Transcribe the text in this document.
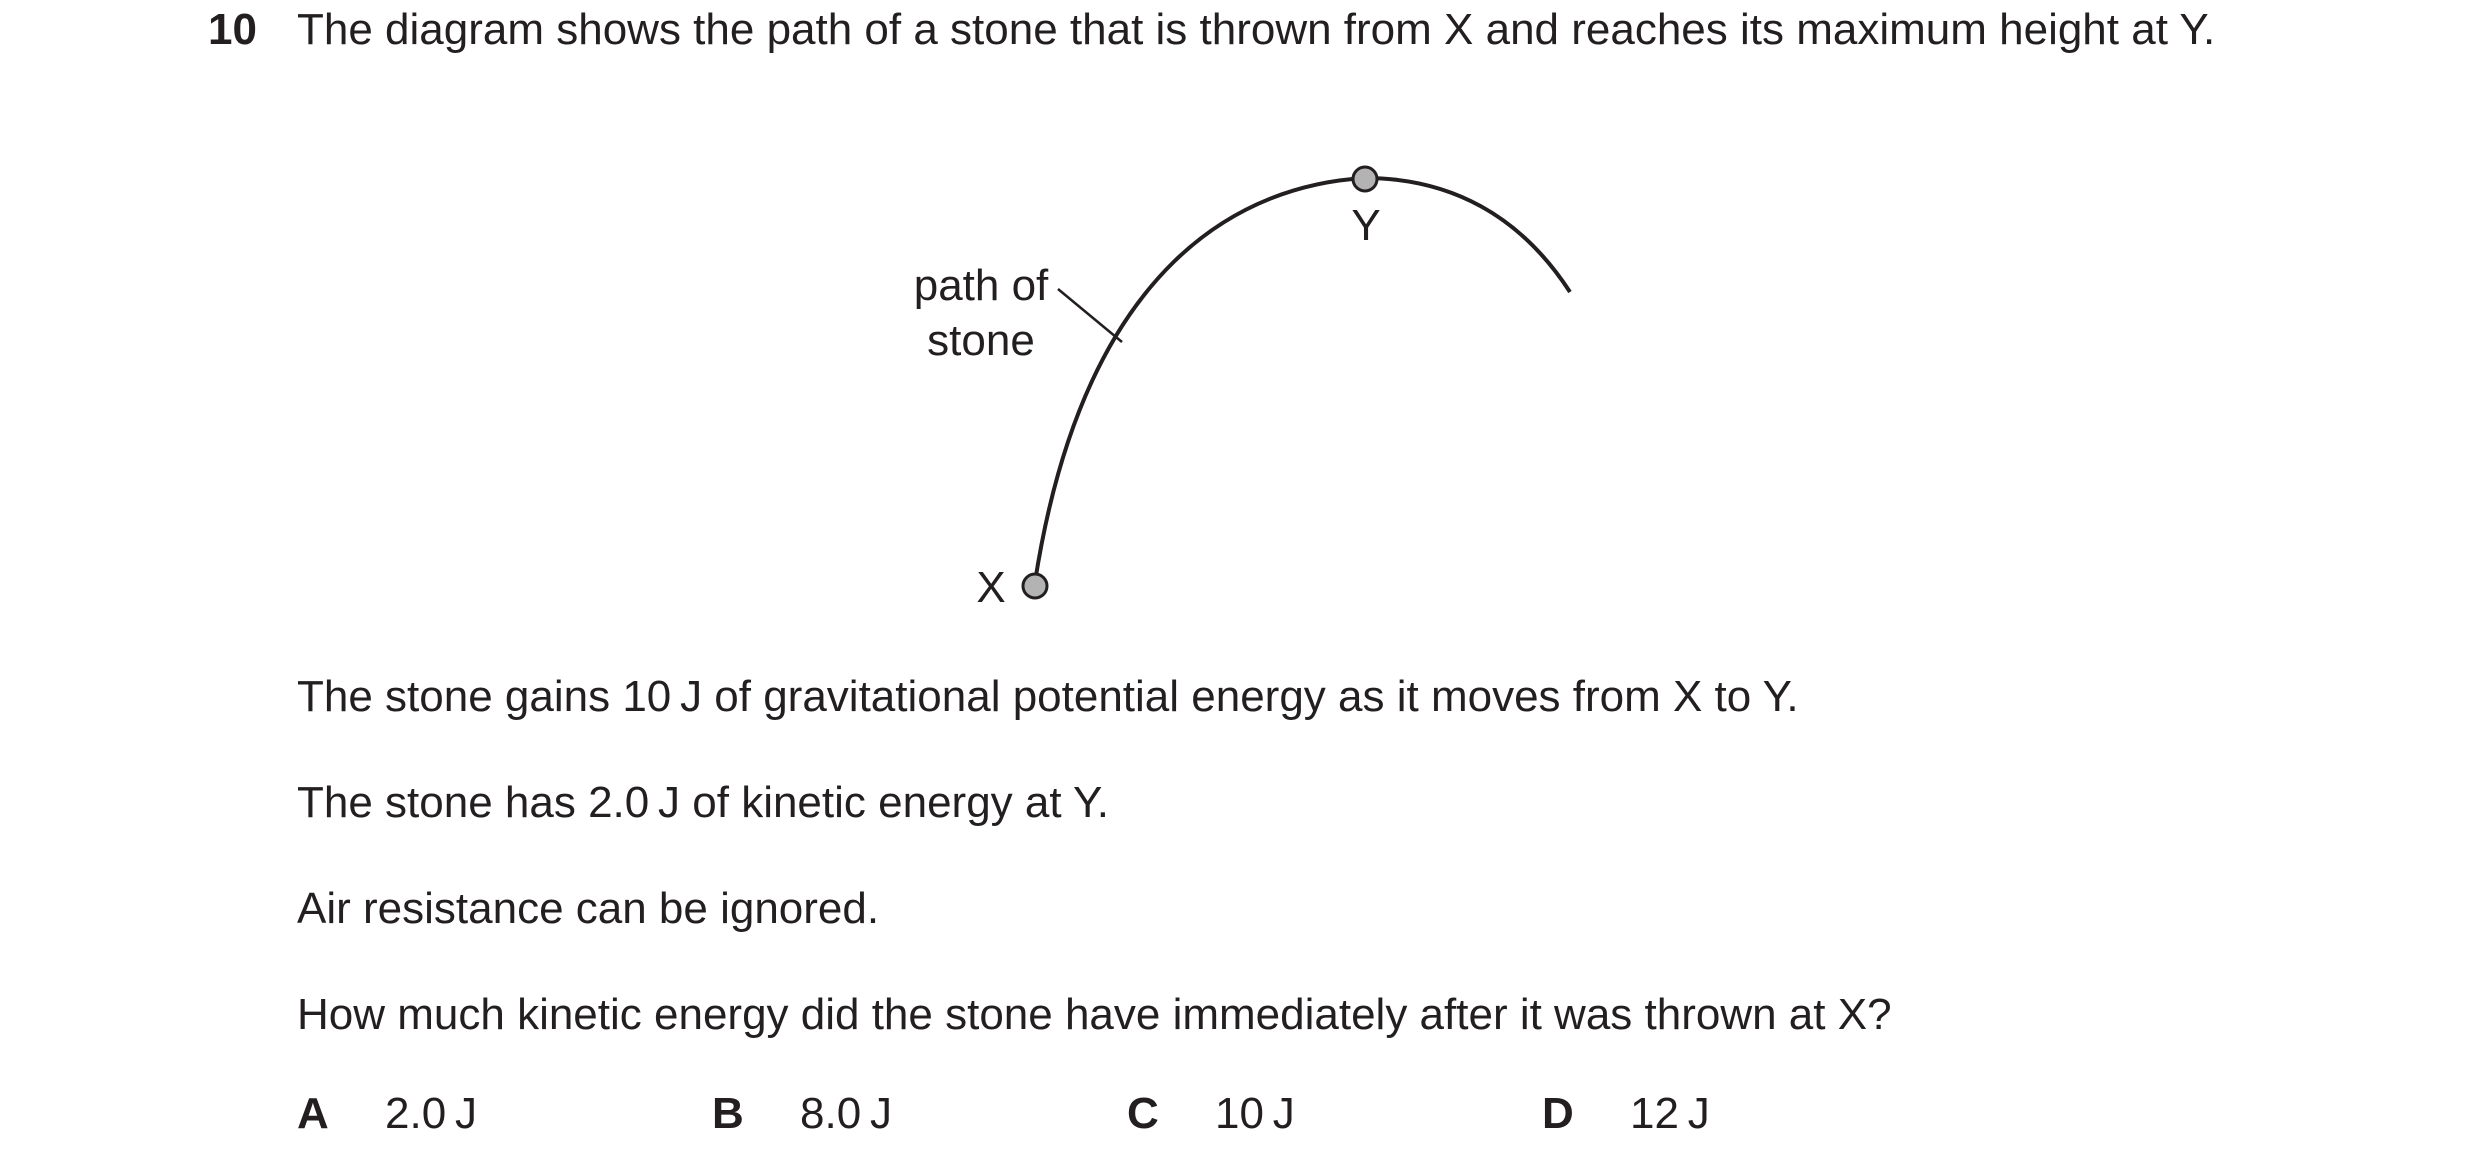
10 The diagram shows the path of a stone that is thrown from X and reaches its maximum height at Y.
path of
stone
X
Y
The stone gains 10 J of gravitational potential energy as it moves from X to Y.
The stone has 2.0 J of kinetic energy at Y.
Air resistance can be ignored.
How much kinetic energy did the stone have immediately after it was thrown at X?
A 2.0 J	B 8.0 J	C 10 J	D 12 J
